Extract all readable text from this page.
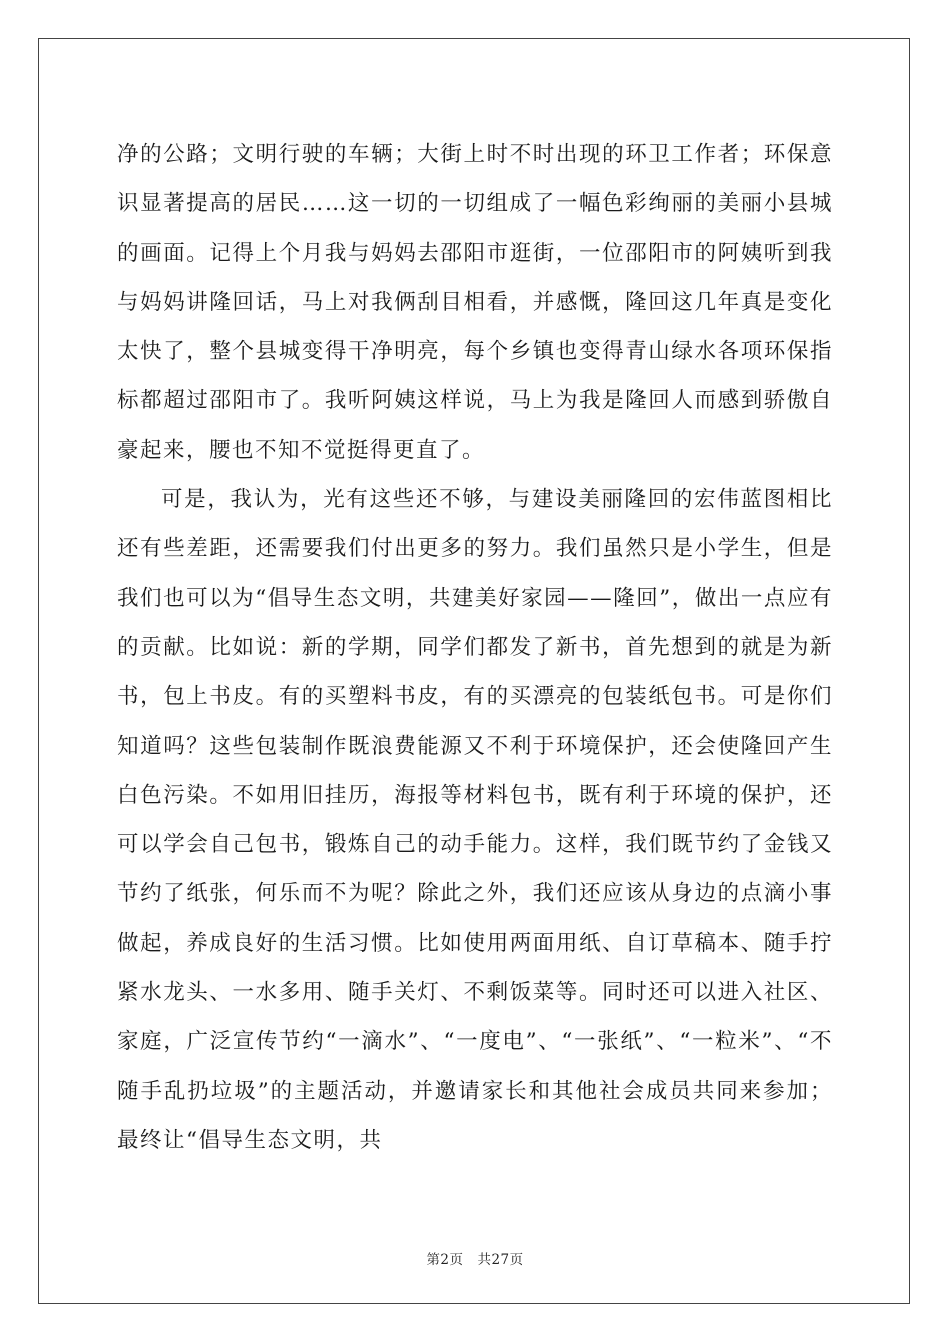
净的公路；文明行驶的车辆；大街上时不时出现的环卫工作者；环保意识显著提高的居民……这一切的一切组成了一幅色彩绚丽的美丽小县城的画面。记得上个月我与妈妈去邵阳市逛街，一位邵阳市的阿姨听到我与妈妈讲隆回话，马上对我俩刮目相看，并感慨，隆回这几年真是变化太快了，整个县城变得干净明亮，每个乡镇也变得青山绿水各项环保指标都超过邵阳市了。我听阿姨这样说，马上为我是隆回人而感到骄傲自豪起来，腰也不知不觉挺得更直了。

可是，我认为，光有这些还不够，与建设美丽隆回的宏伟蓝图相比还有些差距，还需要我们付出更多的努力。我们虽然只是小学生，但是我们也可以为“倡导生态文明，共建美好家园——隆回”，做出一点应有的贡献。比如说：新的学期，同学们都发了新书，首先想到的就是为新书，包上书皮。有的买塑料书皮，有的买漂亮的包装纸包书。可是你们知道吗？这些包装制作既浪费能源又不利于环境保护，还会使隆回产生白色污染。不如用旧挂历，海报等材料包书，既有利于环境的保护，还可以学会自己包书，锻炼自己的动手能力。这样，我们既节约了金钱又节约了纸张，何乐而不为呢？除此之外，我们还应该从身边的点滴小事做起，养成良好的生活习惯。比如使用两面用纸、自订草稿本、随手拧紧水龙头、一水多用、随手关灯、不剩饭菜等。同时还可以进入社区、家庭，广泛宣传节约“一滴水”、“一度电”、“一张纸”、“一粒米”、“不随手乱扔垃圾”的主题活动，并邀请家长和其他社会成员共同来参加；最终让“倡导生态文明，共

第2页 共27页
